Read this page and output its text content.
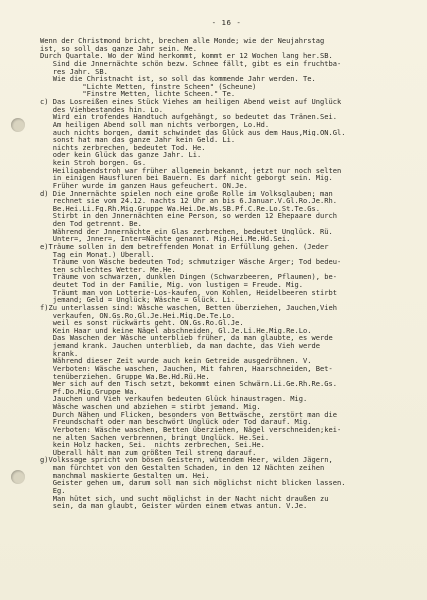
- 16 -
Wenn der Christmond bricht, brechen alle Monde; wie der Neujahrstag
ist, so soll das ganze Jahr sein. Me.
Durch Quartale. Wo der Wind herkommt, kommt er 12 Wochen lang her.SB.
Sind die Jnnernächte schön bezw. Schnee fällt, gibt es ein fruchtba-
res Jahr. SB.
Wie die Christnacht ist, so soll das kommende Jahr werden. Te.
"Lichte Metten, finstre Scheen" (Scheune)
"Finstre Metten, lichte Scheen." Te.
c) Das Losreißen eines Stück Viehes am heiligen Abend weist auf Unglück
des Viehbestandes hin. Lo.
Wird ein trofendes Handtuch aufgehängt, so bedeutet das Tränen.Sei.
Am heiligen Abend soll man nichts verborgen, Lo.Hd.
auch nichts borgen, damit schwindet das Glück aus dem Haus,Mig.ON.Gl.
sonst hat man das ganze Jahr kein Geld. Li.
nichts zerbrechen, bedeutet Tod. He.
oder kein Glück das ganze Jahr. Li.
kein Stroh borgen. Gs.
Heiligabendstroh war früher allgemein bekannt, jetzt nur noch selten
in einigen Hausfluren bei Bauern. Es darf nicht geborgt sein. Mig.
Früher wurde im ganzen Haus gefeuchert. ON.Je.
d) Die Jnnernächte spielen noch eine große Rolle im Volksglauben; man
rechnet sie vom 24.12. nachts 12 Uhr an bis 6.Januar.V.Gl.Ro.Je.Rh.
Be.Hei.Li.Fg.Rh.Mig.Gruppe Wa.Hei.De.Ws.SB.Pf.C.Re.Lo.St.Te.Gs.
Stirbt in den Jnnernächten eine Person, so werden 12 Ehepaare durch
den Tod getrennt. Be.
Während der Jnnernächte ein Glas zerbrechen, bedeutet Unglück. Rü.
Unter=, Jnner=, Inter=Nächte genannt. Mig.Hei.Me.Hd.Sei.
e)Träume sollen in dem betreffenden Monat in Erfüllung gehen. (Jeder
Tag ein Monat.) Überall.
Träume von Wäsche bedeuten Tod; schmutziger Wäsche Ärger; Tod bedeu-
ten schlechtes Wetter. Me.He.
Träume von schwarzen, dunklen Dingen (Schwarzbeeren, Pflaumen), be-
deutet Tod in der Familie, Mig. von lustigen = Freude. Mig.
Träumt man von Lotterie-Los-kaufen, von Kohlen, Heidelbeeren stirbt
jemand; Geld = Unglück; Wäsche = Glück. Li.
f)Zu unterlassen sind: Wäsche waschen, Betten überziehen, Jauchen,Vieh
verkaufen, ON.Gs.Ro.Gl.Je.Hei.Mig.De.Te.Lo.
weil es sonst rückwärts geht. ON.Gs.Ro.Gl.Je.
Kein Haar und keine Nägel abschneiden, Gl.Je.Li.He.Mig.Re.Lo.
Das Waschen der Wäsche unterblieb früher, da man glaubte, es werde
jemand krank. Jauchen unterblieb, da man dachte, das Vieh werde
krank.
Während dieser Zeit wurde auch kein Getreide ausgedröhnen. V.
Verboten: Wäsche waschen, Jauchen, Mit fahren, Haarschneiden, Bet-
tenüberziehen. Gruppe Wa.Be.Hd.Rü.He.
Wer sich auf den Tisch setzt, bekommt einen Schwärn.Li.Ge.Rh.Re.Gs.
Pf.Do.Mig.Gruppe Wa.
Jauchen und Vieh verkaufen bedeuten Glück hinaustragen. Mig.
Wäsche waschen und abziehen = stirbt jemand. Mig.
Durch Nähen und Flicken, besonders von Bettwäsche, zerstört man die
Freundschaft oder man beschwört Unglück oder Tod darauf. Mig.
Verboten: Wäsche waschen, Betten überziehen, Nägel verschneiden;kei-
ne alten Sachen verbrennen, bringt Unglück. He.Sei.
kein Holz hacken, Sei.  nichts zerbrechen, Sei.He.
Überall hält man zum größten Teil streng darauf.
g)Volkssage spricht von bösen Geistern, wütendem Heer, wilden Jägern,
man fürchtet von den Gestalten Schaden, in den 12 Nächten zeihen
manchmal maskierte Gestalten um. Hei.
Geister gehen um, darum soll man sich möglichst nicht blicken lassen.
Eg.
Man hütet sich, und sucht möglichst in der Nacht nicht draußen zu
sein, da man glaubt, Geister würden einem etwas antun. V.Je.
